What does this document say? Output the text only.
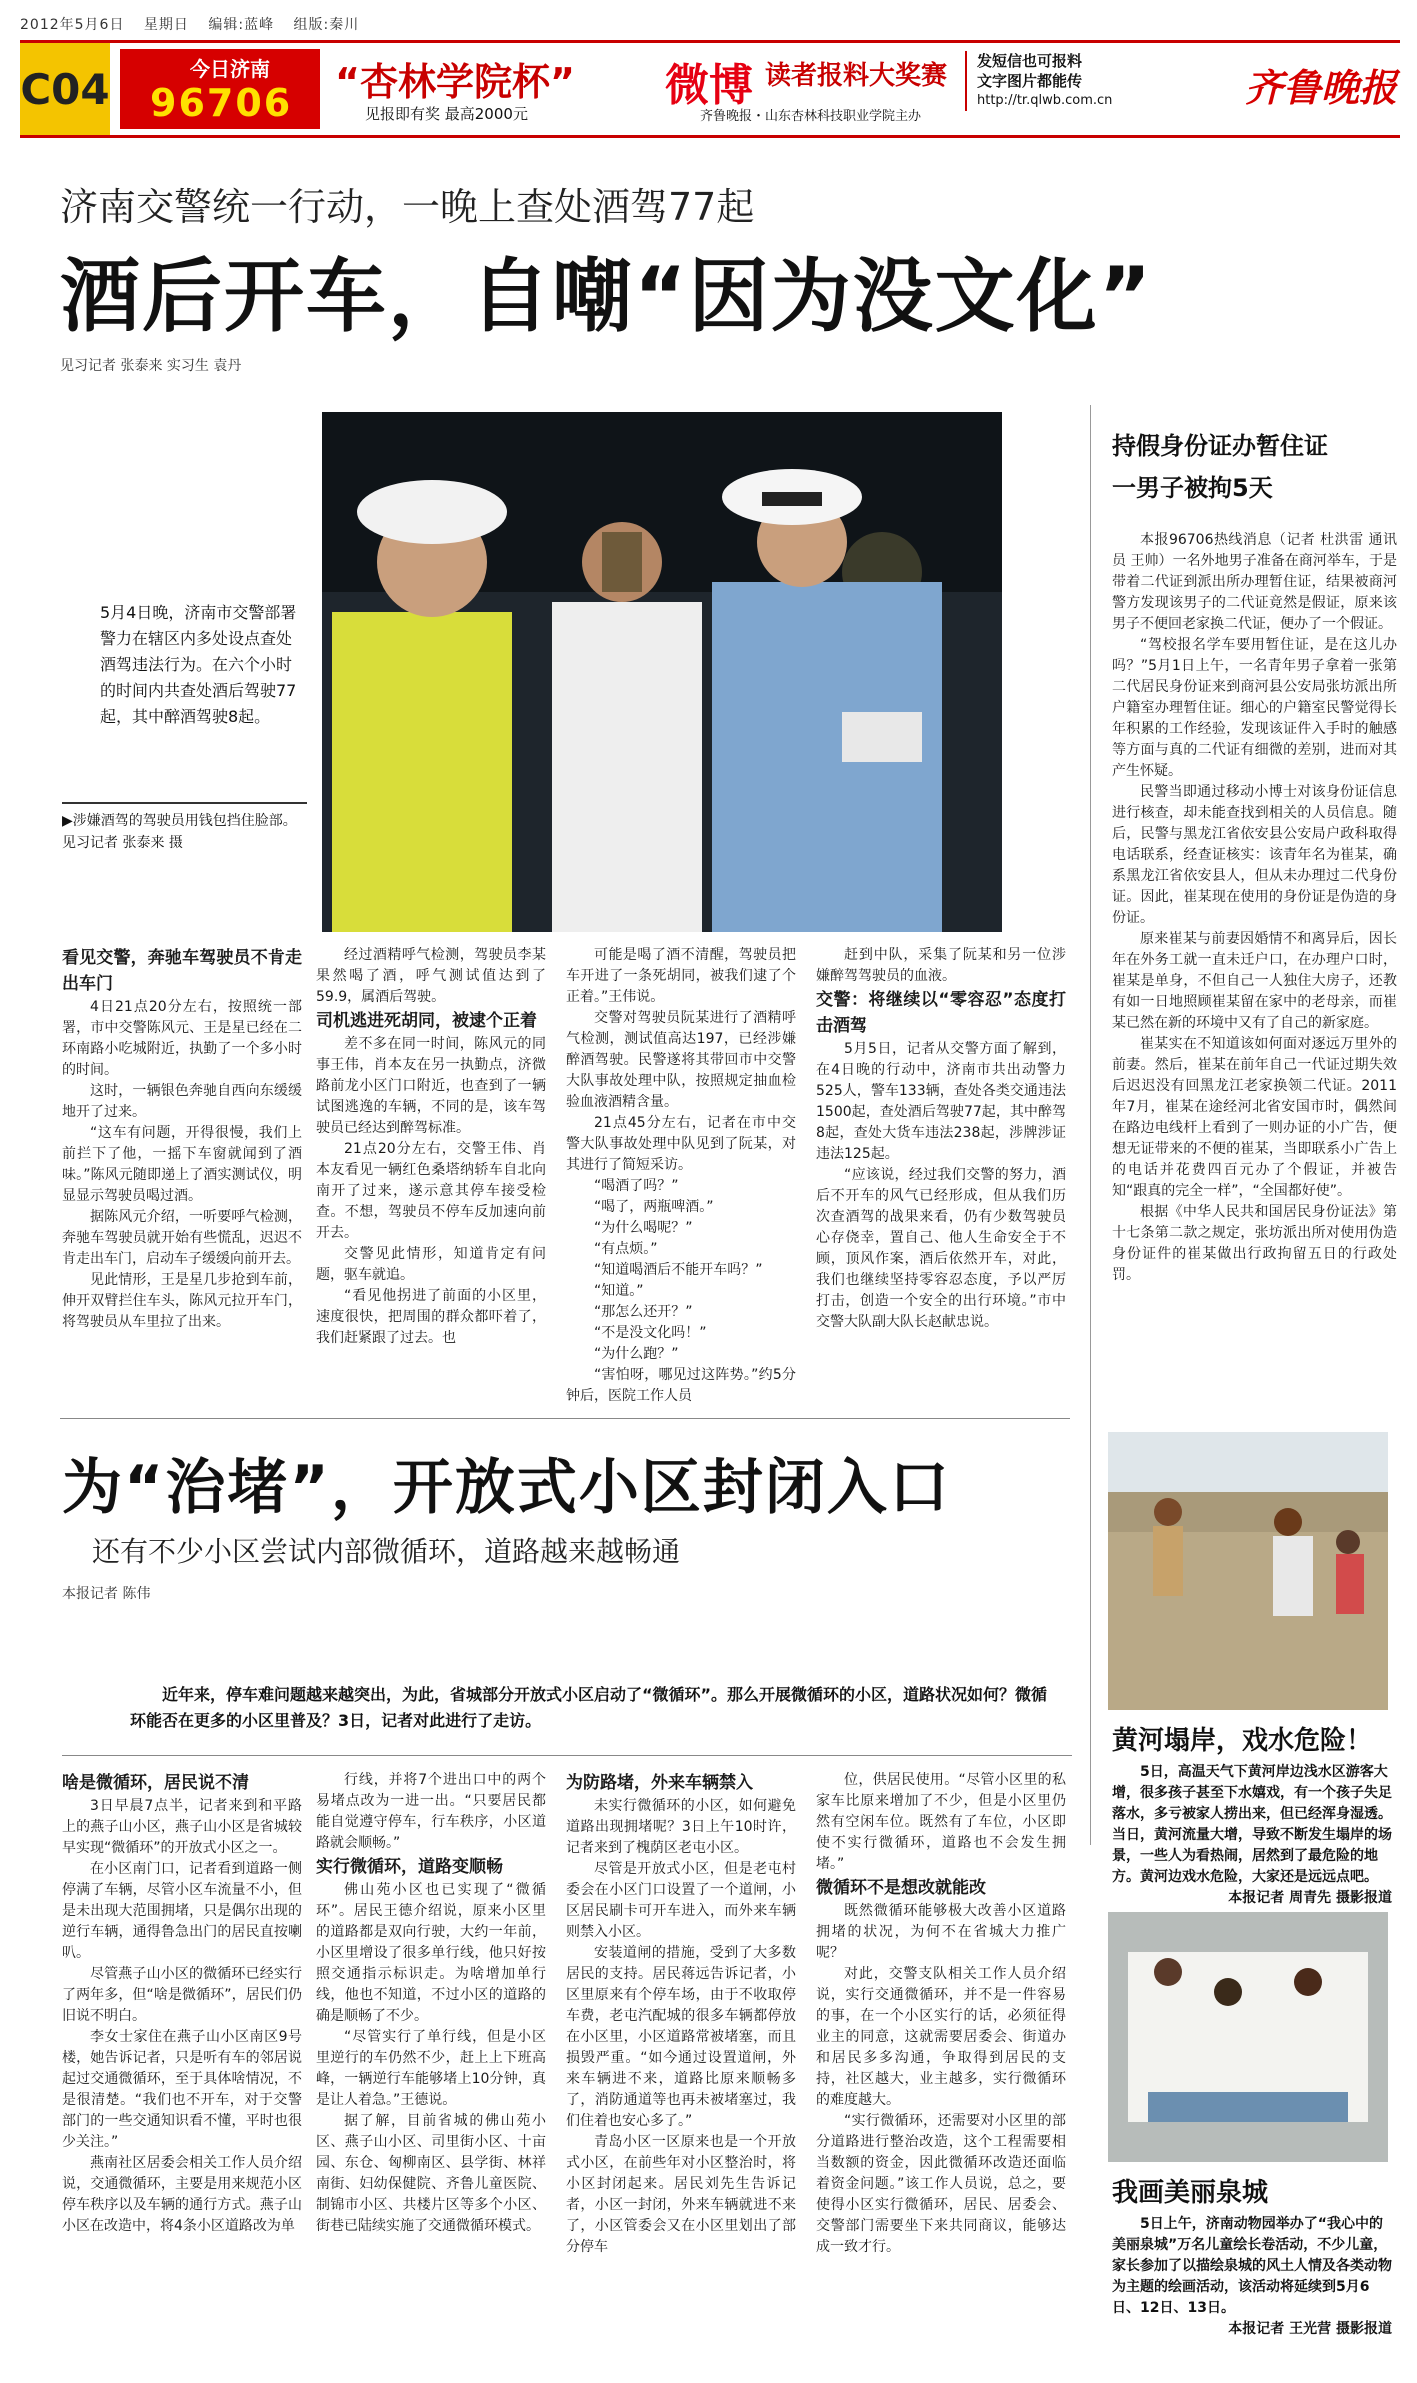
2012年5月6日 星期日 编辑:蓝峰 组版:秦川
C04	今日济南
96706 “杏林学院杯”
见报即有奖 最高2000元
微博 读者报料大奖赛
齐鲁晚报・山东杏林科技职业学院主办
发短信也可报料
文字图片都能传
http://tr.qlwb.com.cn	齐鲁晚报
济南交警统一行动，一晚上查处酒驾77起
酒后开车，自嘲“因为没文化”
见习记者 张泰来 实习生 袁丹
5月4日晚，济南市交警部署警力在辖区内多处设点查处酒驾违法行为。在六个小时的时间内共查处酒后驾驶77起，其中醉酒驾驶8起。
▶涉嫌酒驾的驾驶员用钱包挡住脸部。 见习记者 张泰来 摄

看见交警，奔驰车驾驶员不肯走出车门

4日21点20分左右，按照统一部署，市中交警陈风元、王是星已经在二环南路小吃城附近，执勤了一个多小时的时间。

这时，一辆银色奔驰自西向东缓缓地开了过来。

“这车有问题，开得很慢，我们上前拦下了他，一摇下车窗就闻到了酒味。”陈风元随即递上了酒实测试仪，明显显示驾驶员喝过酒。

据陈风元介绍，一听要呼气检测，奔驰车驾驶员就开始有些慌乱，迟迟不肯走出车门，启动车子缓缓向前开去。

见此情形，王是星几步抢到车前，伸开双臂拦住车头，陈风元拉开车门，将驾驶员从车里拉了出来。

经过酒精呼气检测，驾驶员李某果然喝了酒，呼气测试值达到了59.9，属酒后驾驶。

司机逃进死胡同，被逮个正着

差不多在同一时间，陈风元的同事王伟，肖本友在另一执勤点，济微路前龙小区门口附近，也查到了一辆试图逃逸的车辆，不同的是，该车驾驶员已经达到醉驾标准。

21点20分左右，交警王伟、肖本友看见一辆红色桑塔纳轿车自北向南开了过来，遂示意其停车接受检查。不想，驾驶员不停车反加速向前开去。

交警见此情形，知道肯定有问题，驱车就追。

“看见他拐进了前面的小区里，速度很快，把周围的群众都吓着了，我们赶紧跟了过去。也

可能是喝了酒不清醒，驾驶员把车开进了一条死胡同，被我们逮了个正着。”王伟说。

交警对驾驶员阮某进行了酒精呼气检测，测试值高达197，已经涉嫌醉酒驾驶。民警遂将其带回市中交警大队事故处理中队，按照规定抽血检验血液酒精含量。

21点45分左右，记者在市中交警大队事故处理中队见到了阮某，对其进行了简短采访。

“喝酒了吗？”

“喝了，两瓶啤酒。”

“为什么喝呢？”

“有点烦。”

“知道喝酒后不能开车吗？”

“知道。”

“那怎么还开？”

“不是没文化吗！”

“为什么跑？”

“害怕呀，哪见过这阵势。”约5分钟后，医院工作人员

赶到中队，采集了阮某和另一位涉嫌醉驾驾驶员的血液。

交警：将继续以“零容忍”态度打击酒驾

5月5日，记者从交警方面了解到，在4日晚的行动中，济南市共出动警力525人，警车133辆，查处各类交通违法1500起，查处酒后驾驶77起，其中醉驾8起，查处大货车违法238起，涉牌涉证违法125起。

“应该说，经过我们交警的努力，酒后不开车的风气已经形成，但从我们历次查酒驾的战果来看，仍有少数驾驶员心存侥幸，置自己、他人生命安全于不顾，顶风作案，酒后依然开车，对此，我们也继续坚持零容忍态度，予以严厉打击，创造一个安全的出行环境。”市中交警大队副大队长赵献忠说。

持假身份证办暂住证
一男子被拘5天

本报96706热线消息（记者 杜洪雷 通讯员 王帅）一名外地男子准备在商河举车，于是带着二代证到派出所办理暂住证，结果被商河警方发现该男子的二代证竟然是假证，原来该男子不便回老家换二代证，便办了一个假证。

“驾校报名学车要用暂住证，是在这儿办吗？”5月1日上午，一名青年男子拿着一张第二代居民身份证来到商河县公安局张坊派出所户籍室办理暂住证。细心的户籍室民警觉得长年积累的工作经验，发现该证件入手时的触感等方面与真的二代证有细微的差别，进而对其产生怀疑。

民警当即通过移动小博士对该身份证信息进行核查，却未能查找到相关的人员信息。随后，民警与黑龙江省依安县公安局户政科取得电话联系，经查证核实：该青年名为崔某，确系黑龙江省依安县人，但从未办理过二代身份证。因此，崔某现在使用的身份证是伪造的身份证。

原来崔某与前妻因婚情不和离异后，因长年在外务工就一直未迁户口，在办理户口时，崔某是单身，不但自己一人独住大房子，还教有如一日地照顾崔某留在家中的老母亲，而崔某已然在新的环境中又有了自己的新家庭。

崔某实在不知道该如何面对逐远万里外的前妻。然后，崔某在前年自己一代证过期失效后迟迟没有回黑龙江老家换领二代证。2011年7月，崔某在途经河北省安国市时，偶然间在路边电线杆上看到了一则办证的小广告，便想无证带来的不便的崔某，当即联系小广告上的电话并花费四百元办了个假证，并被告知“跟真的完全一样”，“全国都好使”。

根据《中华人民共和国居民身份证法》第十七条第二款之规定，张坊派出所对使用伪造身份证件的崔某做出行政拘留五日的行政处罚。

黄河塌岸，戏水危险！
5日，高温天气下黄河岸边浅水区游客大增，很多孩子甚至下水嬉戏，有一个孩子失足落水，多亏被家人捞出来，但已经浑身湿透。当日，黄河流量大增，导致不断发生塌岸的场景，一些人为看热闹，居然到了最危险的地方。黄河边戏水危险，大家还是远远点吧。
本报记者 周青先 摄影报道
我画美丽泉城
5日上午，济南动物园举办了“我心中的美丽泉城”万名儿童绘长卷活动，不少儿童，家长参加了以描绘泉城的风土人情及各类动物为主题的绘画活动，该活动将延续到5月6日、12日、13日。
本报记者 王光营 摄影报道
为“治堵”，开放式小区封闭入口
还有不少小区尝试内部微循环，道路越来越畅通
本报记者 陈伟
近年来，停车难问题越来越突出，为此，省城部分开放式小区启动了“微循环”。那么开展微循环的小区，道路状况如何？微循环能否在更多的小区里普及？3日，记者对此进行了走访。

啥是微循环，居民说不清

3日早晨7点半，记者来到和平路上的燕子山小区，燕子山小区是省城较早实现“微循环”的开放式小区之一。

在小区南门口，记者看到道路一侧停满了车辆，尽管小区车流量不小，但是未出现大范围拥堵，只是偶尔出现的逆行车辆，通得鲁急出门的居民直按喇叭。

尽管燕子山小区的微循环已经实行了两年多，但“啥是微循环”，居民们仍旧说不明白。

李女士家住在燕子山小区南区9号楼，她告诉记者，只是听有车的邻居说起过交通微循环，至于具体啥情况，不是很清楚。“我们也不开车，对于交警部门的一些交通知识看不懂，平时也很少关注。”

燕南社区居委会相关工作人员介绍说，交通微循环，主要是用来规范小区停车秩序以及车辆的通行方式。燕子山小区在改造中，将4条小区道路改为单

行线，并将7个进出口中的两个易堵点改为一进一出。“只要居民都能自觉遵守停车，行车秩序，小区道路就会顺畅。”

实行微循环，道路变顺畅

佛山苑小区也已实现了“微循环”。居民王德介绍说，原来小区里的道路都是双向行驶，大约一年前，小区里增设了很多单行线，他只好按照交通指示标识走。为啥增加单行线，他也不知道，不过小区的道路的确是顺畅了不少。

“尽管实行了单行线，但是小区里逆行的车仍然不少，赶上上下班高峰，一辆逆行车能够堵上10分钟，真是让人着急。”王德说。

据了解，目前省城的佛山苑小区、燕子山小区、司里街小区、十亩园、东仓、匈柳南区、县学街、林祥南街、妇幼保健院、齐鲁儿童医院、制锦市小区、共楼片区等多个小区、街巷已陆续实施了交通微循环模式。

为防路堵，外来车辆禁入

未实行微循环的小区，如何避免道路出现拥堵呢？3日上午10时许，记者来到了槐荫区老屯小区。

尽管是开放式小区，但是老屯村委会在小区门口设置了一个道闸，小区居民刷卡可开车进入，而外来车辆则禁入小区。

安装道闸的措施，受到了大多数居民的支持。居民蒋远告诉记者，小区里原来有个停车场，由于不收取停车费，老屯汽配城的很多车辆都停放在小区里，小区道路常被堵塞，而且损毁严重。“如今通过设置道闸，外来车辆进不来，道路比原来顺畅多了，消防通道等也再未被堵塞过，我们住着也安心多了。”

青岛小区一区原来也是一个开放式小区，在前些年对小区整治时，将小区封闭起来。居民刘先生告诉记者，小区一封闭，外来车辆就进不来了，小区管委会又在小区里划出了部分停车

位，供居民使用。“尽管小区里的私家车比原来增加了不少，但是小区里仍然有空闲车位。既然有了车位，小区即使不实行微循环，道路也不会发生拥堵。”

微循环不是想改就能改

既然微循环能够极大改善小区道路拥堵的状况，为何不在省城大力推广呢？

对此，交警支队相关工作人员介绍说，实行交通微循环，并不是一件容易的事，在一个小区实行的话，必须征得业主的同意，这就需要居委会、街道办和居民多多沟通，争取得到居民的支持，社区越大，业主越多，实行微循环的难度越大。

“实行微循环，还需要对小区里的部分道路进行整治改造，这个工程需要相当数额的资金，因此微循环改造还面临着资金问题。”该工作人员说，总之，要使得小区实行微循环，居民、居委会、交警部门需要坐下来共同商议，能够达成一致才行。
